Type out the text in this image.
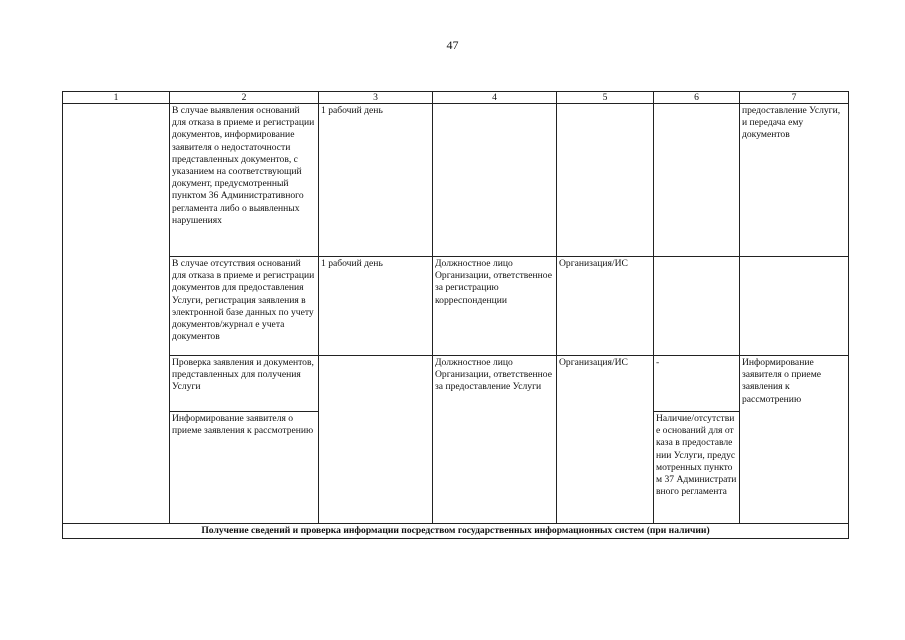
47
1	2	3	4	5	6	7
	В случае выявления оснований для отказа в приеме и регистрации документов, информирование заявителя о недостаточности представленных документов, с указанием на соответствующий документ, предусмотренный пунктом 36 Административного регламента либо о выявленных нарушениях	1 рабочий день				предоставление Услуги, и передача ему документов
	В случае отсутствия оснований для отказа в приеме и регистрации документов для предоставления Услуги, регистрация заявления в электронной базе данных по учету документов/журнал е учета документов	1 рабочий день	Должностное лицо Организации, ответственное за регистрацию корреспонденции	Организация/ИС		
	Проверка заявления и документов, представленных для получения Услуги		Должностное лицо Организации, ответственное за предоставление Услуги	Организация/ИС	-	Информирование заявителя о приеме заявления к рассмотрению
	Информирование заявителя о приеме заявления к рассмотрению				Наличие/отсутствие оснований для отказа в предоставлении Услуги, предусмотренных пунктом 37 Административного регламента	
Получение сведений и проверка информации посредством государственных информационных систем (при наличии)						
